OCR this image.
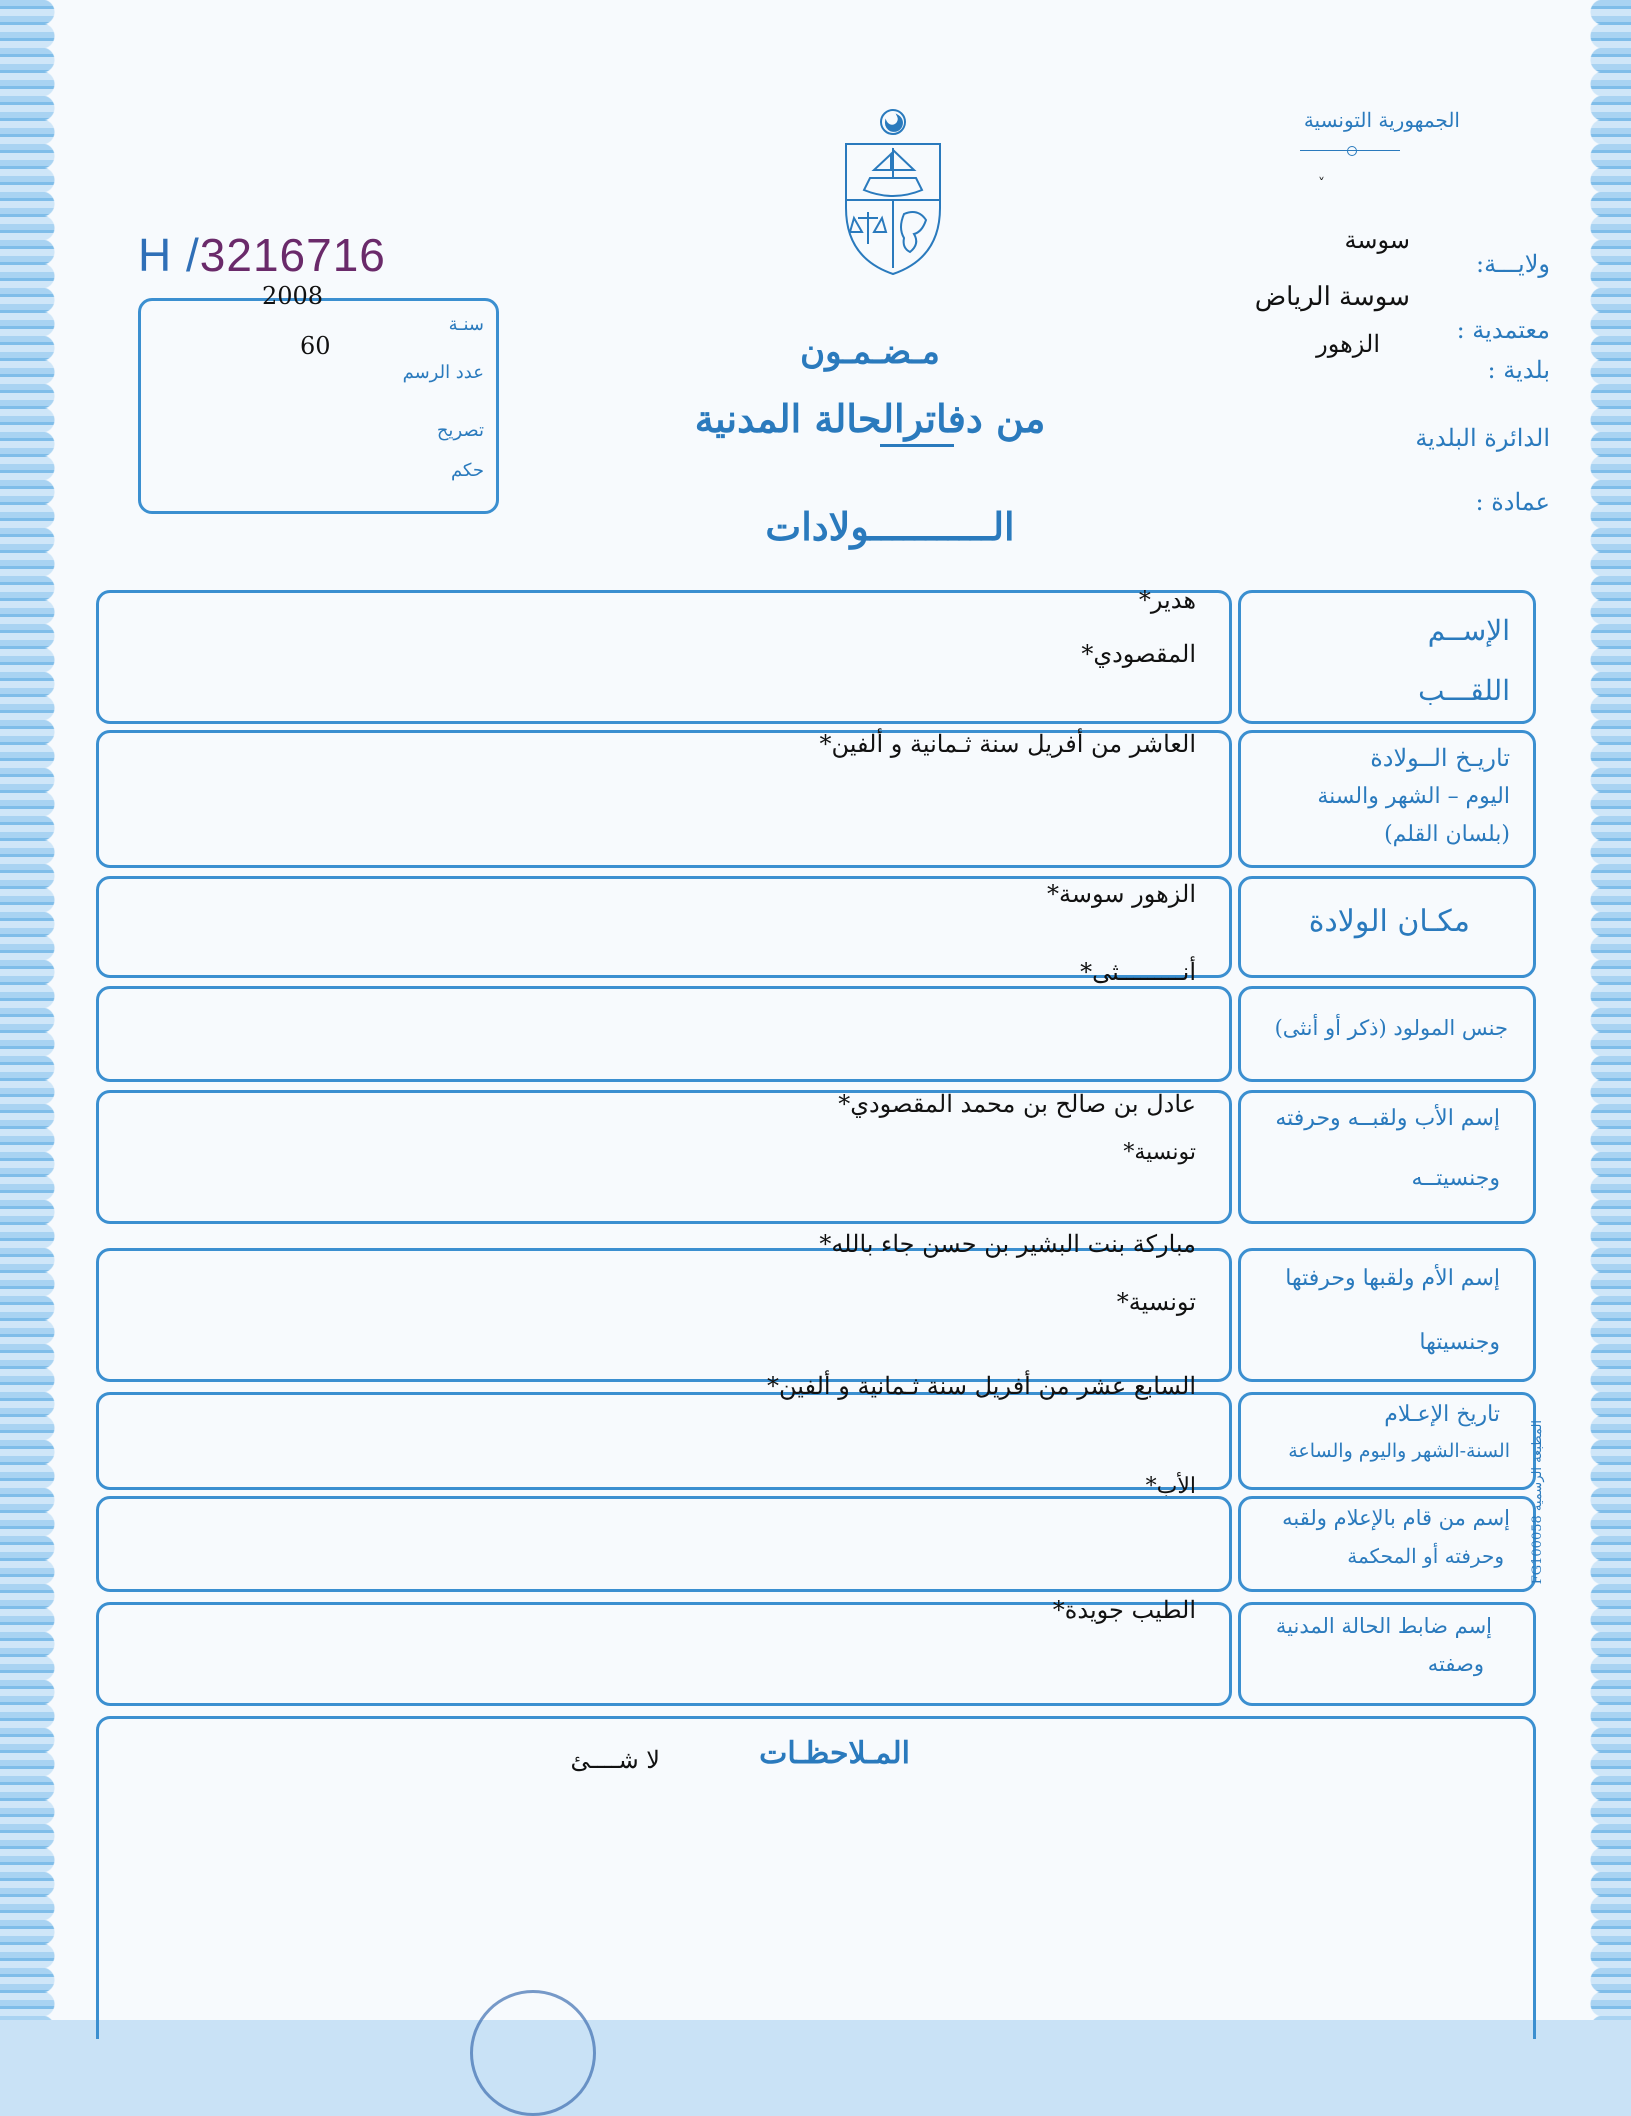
الجمهورية التونسية
˅
ولايـــة:
سوسة
معتمدية :
سوسة الرياض
بلدية :
الزهور
الدائرة البلدية
عمادة :
H /3216716
2008
سنـة
60
عدد الرسم
تصريح
حكم
مـضـمـون
من دفاترالحالة المدنية
الـــــــــــولادات
الإســم
اللقـــب
هدير*
المقصودي*
تاريـخ الــولادة
اليوم – الشهر والسنة
(بلسان القلم)
العاشر من أفريل سنة ثـمانية و ألفين*
مكـان الولادة
الزهور سوسة*
أنـــــــــثى*
جنس المولود (ذكر أو أنثى)
إسم الأب ولقبــه وحرفته
وجنسيتــه
عادل بن صالح بن محمد المقصودي*
تونسية*
إسم الأم ولقبها وحرفتها
وجنسيتها
مباركة بنت البشير بن حسن جاء بالله*
تونسية*
تاريخ الإعـلام
السنة-الشهر واليوم والساعة
السابع عشر من أفريل سنة ثـمانية و ألفين*
الأب*
إسم من قام بالإعلام ولقبه
وحرفته أو المحكمة
إسم ضابط الحالة المدنية
وصفته
الطيب جويدة*
المـلاحظـات
لا شــــئ
المطبعة الرسمية FG100058
